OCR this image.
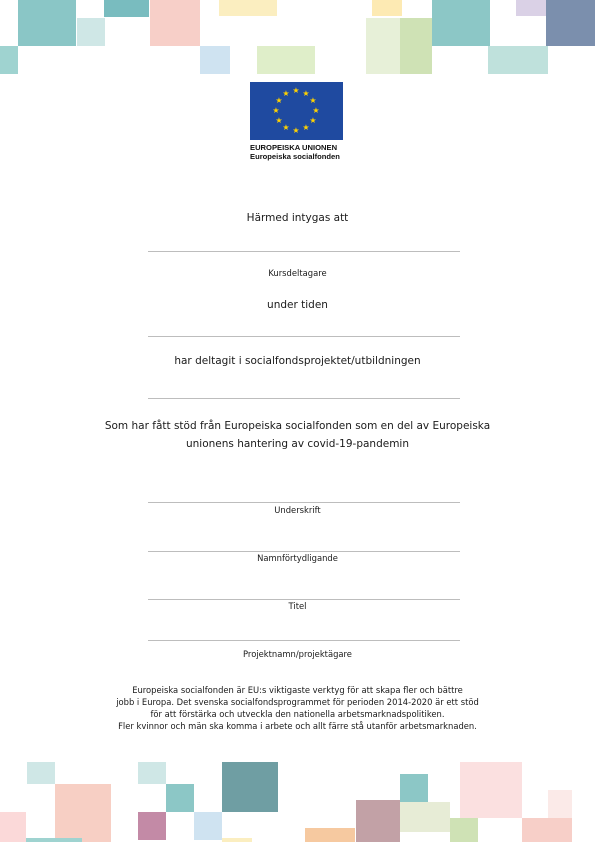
★ ★
★
★
★
★
★
★
★
★
★
★
EUROPEISKA UNIONEN
Europeiska socialfonden
Härmed intygas att
Kursdeltagare
under tiden
har deltagit i socialfondsprojektet/utbildningen
Som har fått stöd från Europeiska socialfonden som en del av Europeiska
unionens hantering av covid-19-pandemin
Underskrift
Namnförtydligande
Titel
Projektnamn/projektägare
Europeiska socialfonden är EU:s viktigaste verktyg för att skapa fler och bättre
jobb i Europa. Det svenska socialfondsprogrammet för perioden 2014-2020 är ett stöd
för att förstärka och utveckla den nationella arbetsmarknadspolitiken.
Fler kvinnor och män ska komma i arbete och allt färre stå utanför arbetsmarknaden.
